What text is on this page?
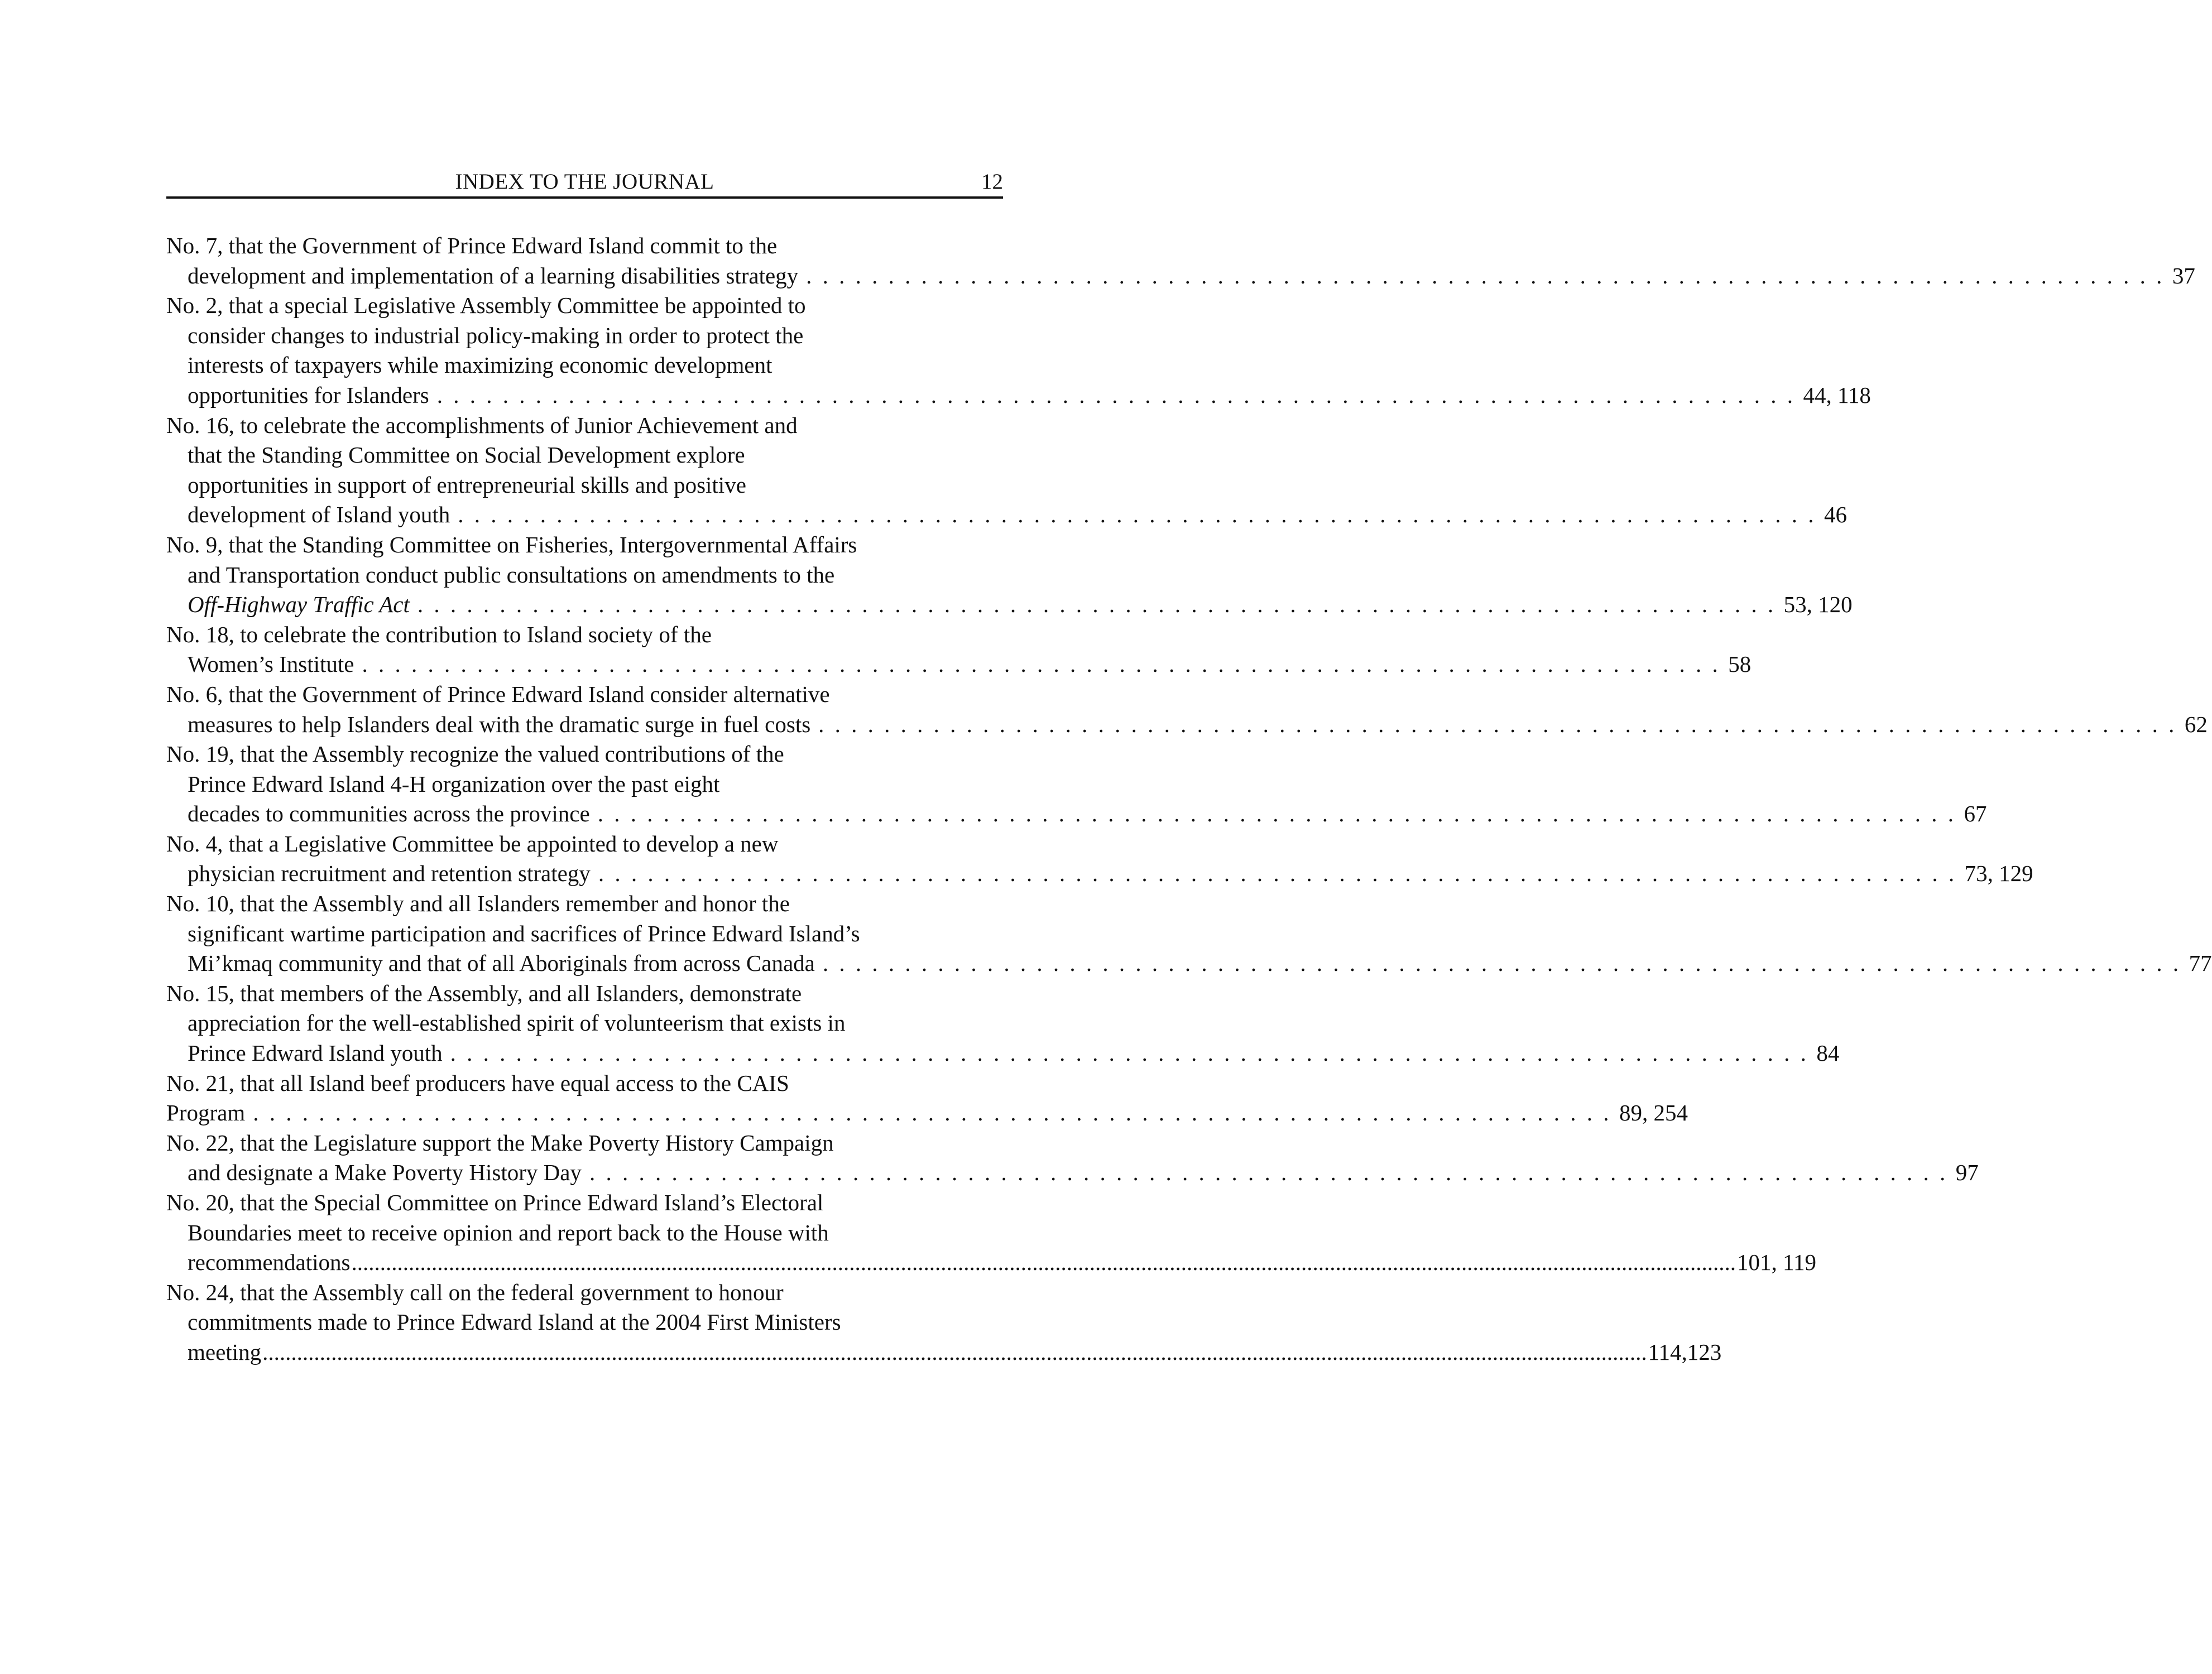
INDEX TO THE JOURNAL	12
No. 7, that the Government of Prince Edward Island commit to the
development and implementation of a learning disabilities strategy . . . . . . . . . . . . . . . . . . . . . . . . . . . . . . . . . . . . . . . . . . . . . . . . . . . . . . . . . . . . . . . . . . . . . . . . . . . . . . . . . . . 37
No. 2, that a special Legislative Assembly Committee be appointed to
consider changes to industrial policy-making in order to protect the
interests of taxpayers while maximizing economic development
opportunities for Islanders . . . . . . . . . . . . . . . . . . . . . . . . . . . . . . . . . . . . . . . . . . . . . . . . . . . . . . . . . . . . . . . . . . . . . . . . . . . . . . . . . . . 44, 118
No. 16, to celebrate the accomplishments of Junior Achievement and
that the Standing Committee on Social Development explore
opportunities in support of entrepreneurial skills and positive
development of Island youth . . . . . . . . . . . . . . . . . . . . . . . . . . . . . . . . . . . . . . . . . . . . . . . . . . . . . . . . . . . . . . . . . . . . . . . . . . . . . . . . . . . 46
No. 9, that the Standing Committee on Fisheries, Intergovernmental Affairs
and Transportation conduct public consultations on amendments to the
Off-Highway Traffic Act . . . . . . . . . . . . . . . . . . . . . . . . . . . . . . . . . . . . . . . . . . . . . . . . . . . . . . . . . . . . . . . . . . . . . . . . . . . . . . . . . . . 53, 120
No. 18, to celebrate the contribution to Island society of the
Women’s Institute . . . . . . . . . . . . . . . . . . . . . . . . . . . . . . . . . . . . . . . . . . . . . . . . . . . . . . . . . . . . . . . . . . . . . . . . . . . . . . . . . . . 58
No. 6, that the Government of Prince Edward Island consider alternative
measures to help Islanders deal with the dramatic surge in fuel costs . . . . . . . . . . . . . . . . . . . . . . . . . . . . . . . . . . . . . . . . . . . . . . . . . . . . . . . . . . . . . . . . . . . . . . . . . . . . . . . . . . . 62
No. 19, that the Assembly recognize the valued contributions of the
Prince Edward Island 4-H organization over the past eight
decades to communities across the province . . . . . . . . . . . . . . . . . . . . . . . . . . . . . . . . . . . . . . . . . . . . . . . . . . . . . . . . . . . . . . . . . . . . . . . . . . . . . . . . . . . 67
No. 4, that a Legislative Committee be appointed to develop a new
physician recruitment and retention strategy . . . . . . . . . . . . . . . . . . . . . . . . . . . . . . . . . . . . . . . . . . . . . . . . . . . . . . . . . . . . . . . . . . . . . . . . . . . . . . . . . . . 73, 129
No. 10, that the Assembly and all Islanders remember and honor the
significant wartime participation and sacrifices of Prince Edward Island’s
Mi’kmaq community and that of all Aboriginals from across Canada . . . . . . . . . . . . . . . . . . . . . . . . . . . . . . . . . . . . . . . . . . . . . . . . . . . . . . . . . . . . . . . . . . . . . . . . . . . . . . . . . . . 77
No. 15, that members of the Assembly, and all Islanders, demonstrate
appreciation for the well-established spirit of volunteerism that exists in
Prince Edward Island youth . . . . . . . . . . . . . . . . . . . . . . . . . . . . . . . . . . . . . . . . . . . . . . . . . . . . . . . . . . . . . . . . . . . . . . . . . . . . . . . . . . . 84
No. 21, that all Island beef producers have equal access to the CAIS
Program . . . . . . . . . . . . . . . . . . . . . . . . . . . . . . . . . . . . . . . . . . . . . . . . . . . . . . . . . . . . . . . . . . . . . . . . . . . . . . . . . . . 89, 254
No. 22, that the Legislature support the Make Poverty History Campaign
and designate a Make Poverty History Day . . . . . . . . . . . . . . . . . . . . . . . . . . . . . . . . . . . . . . . . . . . . . . . . . . . . . . . . . . . . . . . . . . . . . . . . . . . . . . . . . . . 97
No. 20, that the Special Committee on Prince Edward Island’s Electoral
Boundaries meet to receive opinion and report back to the House with
recommendations .................................................................................................................................................................................................................................................. 101, 119
No. 24, that the Assembly call on the federal government to honour
commitments made to Prince Edward Island at the 2004 First Ministers
meeting .................................................................................................................................................................................................................................................. 114,123
